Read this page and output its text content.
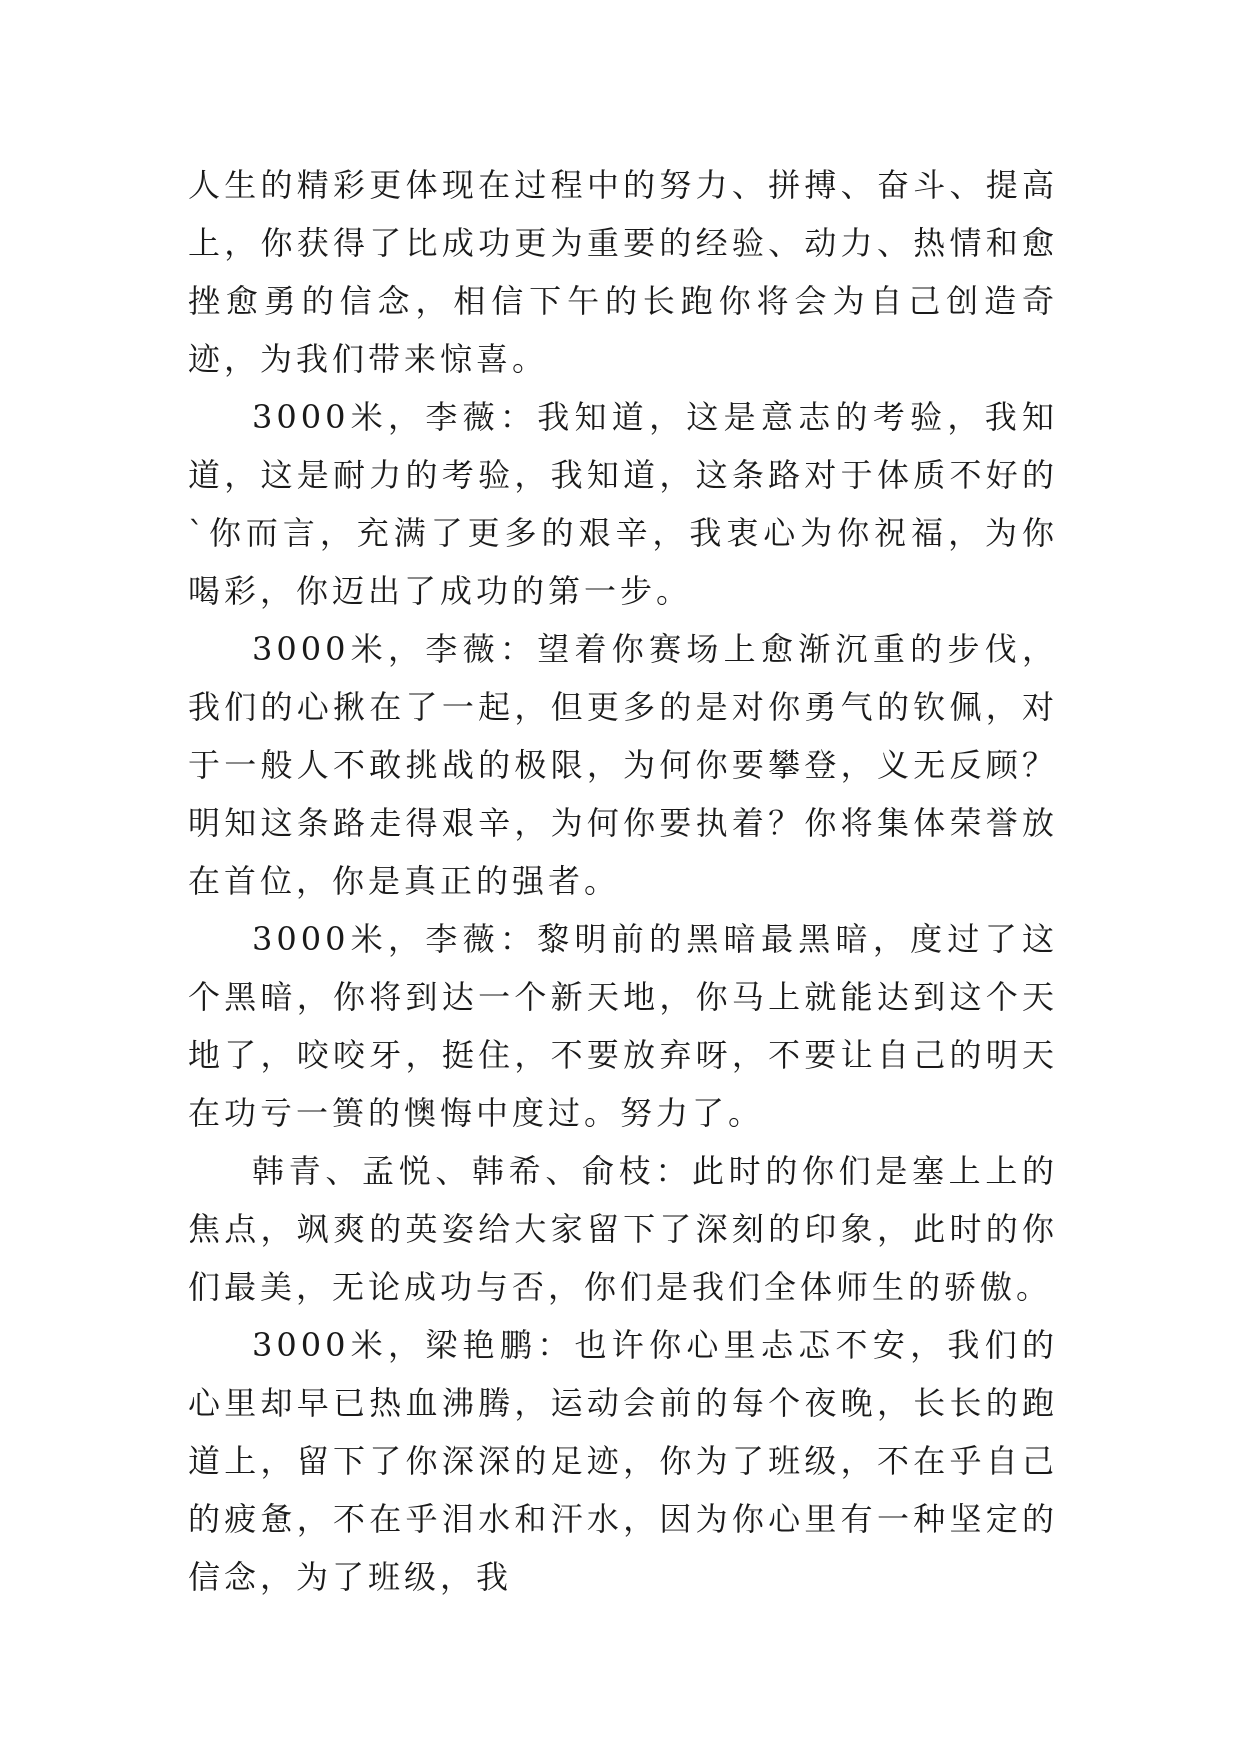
人生的精彩更体现在过程中的努力、拼搏、奋斗、提高上，你获得了比成功更为重要的经验、动力、热情和愈挫愈勇的信念，相信下午的长跑你将会为自己创造奇迹，为我们带来惊喜。

3000米，李薇：我知道，这是意志的考验，我知道，这是耐力的考验，我知道，这条路对于体质不好的`你而言，充满了更多的艰辛，我衷心为你祝福，为你喝彩，你迈出了成功的第一步。

3000米，李薇：望着你赛场上愈渐沉重的步伐，我们的心揪在了一起，但更多的是对你勇气的钦佩，对于一般人不敢挑战的极限，为何你要攀登，义无反顾？明知这条路走得艰辛，为何你要执着？你将集体荣誉放在首位，你是真正的强者。

3000米，李薇：黎明前的黑暗最黑暗，度过了这个黑暗，你将到达一个新天地，你马上就能达到这个天地了，咬咬牙，挺住，不要放弃呀，不要让自己的明天在功亏一篑的懊悔中度过。努力了。

韩青、孟悦、韩希、俞枝：此时的你们是塞上上的焦点，飒爽的英姿给大家留下了深刻的印象，此时的你们最美，无论成功与否，你们是我们全体师生的骄傲。

3000米，梁艳鹏：也许你心里忐忑不安，我们的心里却早已热血沸腾，运动会前的每个夜晚，长长的跑道上，留下了你深深的足迹，你为了班级，不在乎自己的疲惫，不在乎泪水和汗水，因为你心里有一种坚定的信念，为了班级，我
